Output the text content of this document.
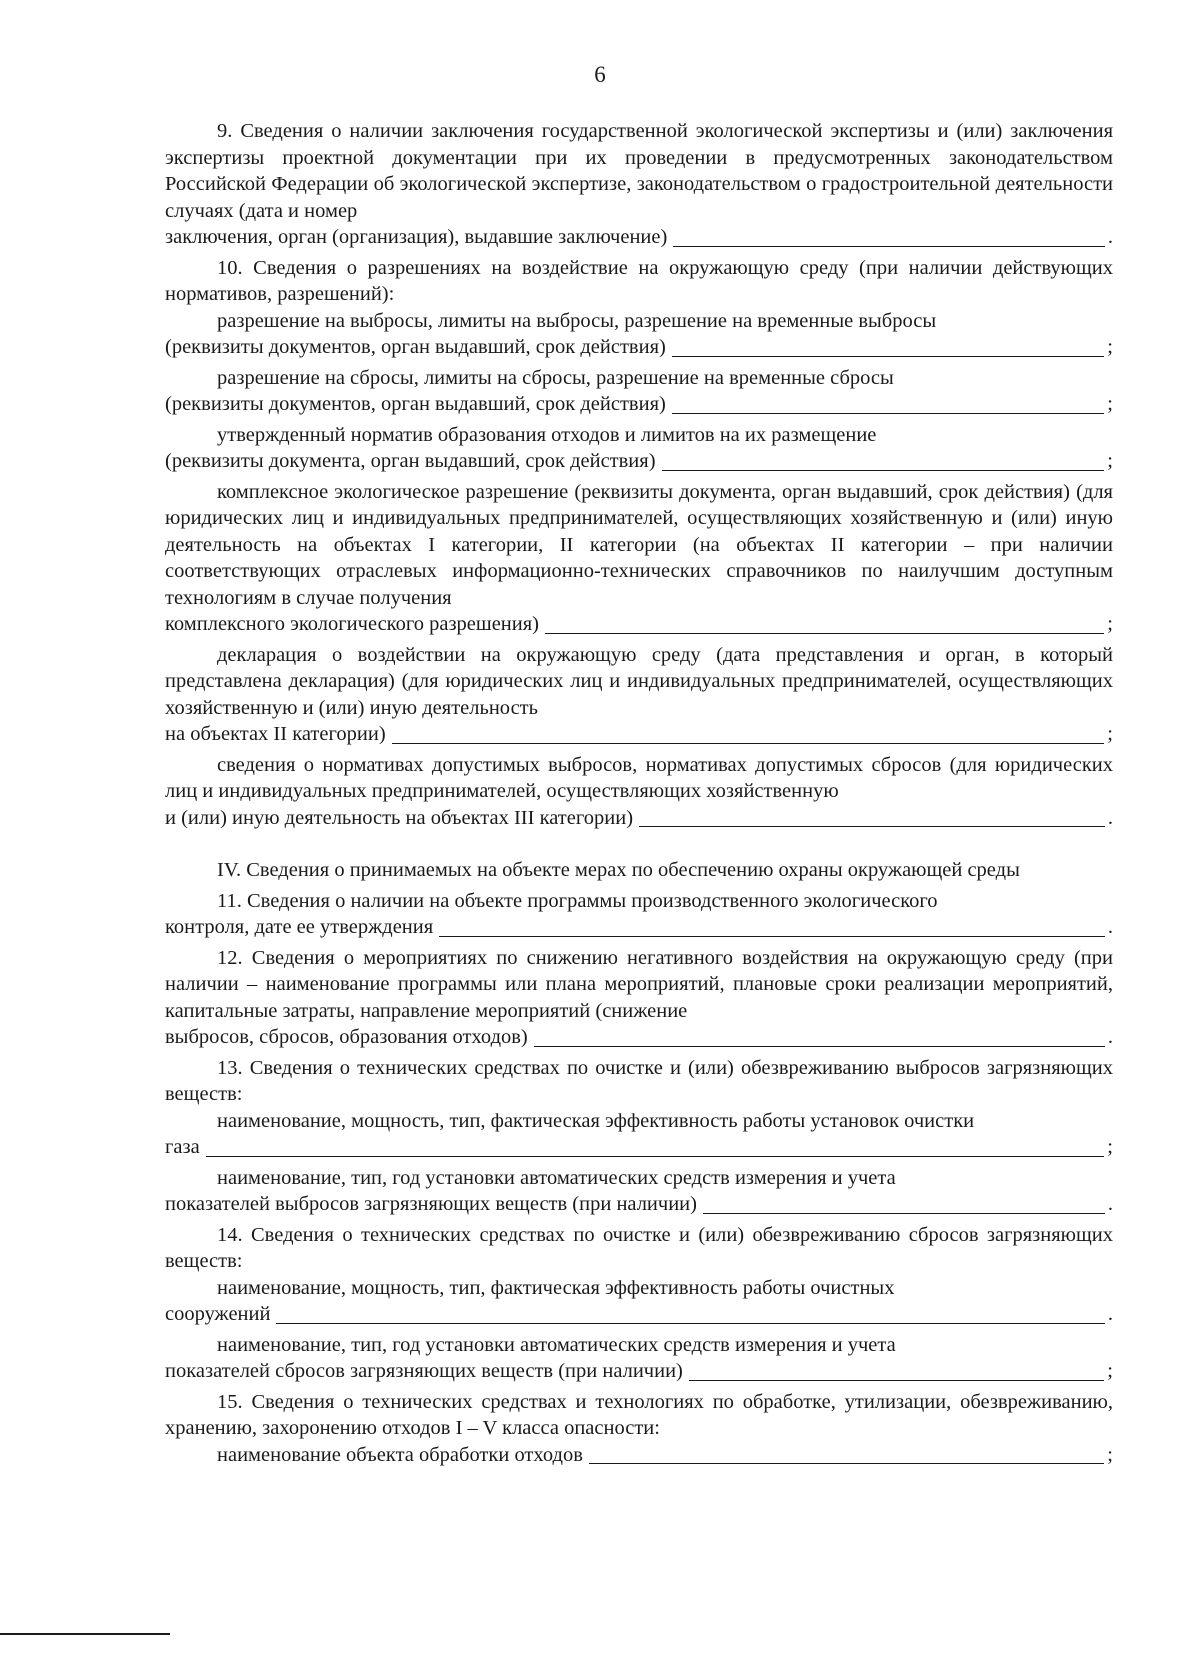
6

9. Сведения о наличии заключения государственной экологической экспертизы и (или) заключения экспертизы проектной документации при их проведении в предусмотренных законодательством Российской Федерации об экологической экспертизе, законодательством о градостроительной деятельности случаях (дата и номер

заключения, орган (организация), выдавшие заключение)	.

10. Сведения о разрешениях на воздействие на окружающую среду (при наличии действующих нормативов, разрешений):

разрешение на выбросы, лимиты на выбросы, разрешение на временные выбросы

(реквизиты документов, орган выдавший, срок действия)	;

разрешение на сбросы, лимиты на сбросы, разрешение на временные сбросы

(реквизиты документов, орган выдавший, срок действия)	;

утвержденный норматив образования отходов и лимитов на их размещение

(реквизиты документа, орган выдавший, срок действия)	;

комплексное экологическое разрешение (реквизиты документа, орган выдавший, срок действия) (для юридических лиц и индивидуальных предпринимателей, осуществляющих хозяйственную и (или) иную деятельность на объектах I категории, II категории (на объектах II категории – при наличии соответствующих отраслевых информационно-технических справочников по наилучшим доступным технологиям в случае получения

комплексного экологического разрешения)	;

декларация о воздействии на окружающую среду (дата представления и орган, в который представлена декларация) (для юридических лиц и индивидуальных предпринимателей, осуществляющих хозяйственную и (или) иную деятельность

на объектах II категории)	;

сведения о нормативах допустимых выбросов, нормативах допустимых сбросов (для юридических лиц и индивидуальных предпринимателей, осуществляющих хозяйственную

и (или) иную деятельность на объектах III категории)	.

IV. Сведения о принимаемых на объекте мерах по обеспечению охраны окружающей среды

11. Сведения о наличии на объекте программы производственного экологического

контроля, дате ее утверждения	.

12. Сведения о мероприятиях по снижению негативного воздействия на окружающую среду (при наличии – наименование программы или плана мероприятий, плановые сроки реализации мероприятий, капитальные затраты, направление мероприятий (снижение

выбросов, сбросов, образования отходов)	.

13. Сведения о технических средствах по очистке и (или) обезвреживанию выбросов загрязняющих веществ:

наименование, мощность, тип, фактическая эффективность работы установок очистки

газа	;

наименование, тип, год установки автоматических средств измерения и учета

показателей выбросов загрязняющих веществ (при наличии)	.

14. Сведения о технических средствах по очистке и (или) обезвреживанию сбросов загрязняющих веществ:

наименование, мощность, тип, фактическая эффективность работы очистных

сооружений	.

наименование, тип, год установки автоматических средств измерения и учета

показателей сбросов загрязняющих веществ (при наличии)	;

15. Сведения о технических средствах и технологиях по обработке, утилизации, обезвреживанию, хранению, захоронению отходов I – V класса опасности:

наименование объекта обработки отходов	;
